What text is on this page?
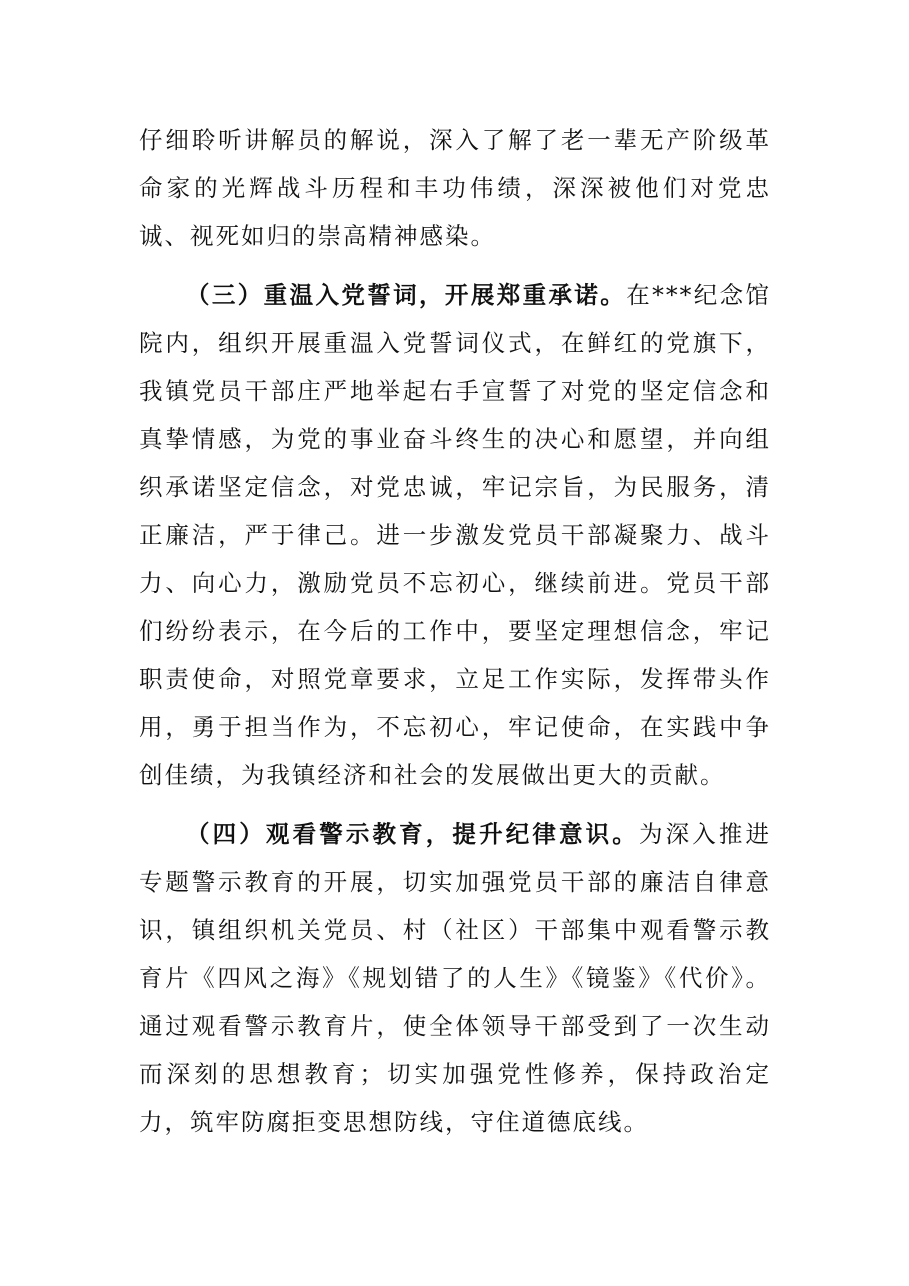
仔细聆听讲解员的解说，深入了解了老一辈无产阶级革命家的光辉战斗历程和丰功伟绩，深深被他们对党忠诚、视死如归的崇高精神感染。

（三）重温入党誓词，开展郑重承诺。在***纪念馆院内，组织开展重温入党誓词仪式，在鲜红的党旗下，我镇党员干部庄严地举起右手宣誓了对党的坚定信念和真挚情感，为党的事业奋斗终生的决心和愿望，并向组织承诺坚定信念，对党忠诚，牢记宗旨，为民服务，清正廉洁，严于律己。进一步激发党员干部凝聚力、战斗力、向心力，激励党员不忘初心，继续前进。党员干部们纷纷表示，在今后的工作中，要坚定理想信念，牢记职责使命，对照党章要求，立足工作实际，发挥带头作用，勇于担当作为，不忘初心，牢记使命，在实践中争创佳绩，为我镇经济和社会的发展做出更大的贡献。

（四）观看警示教育，提升纪律意识。为深入推进专题警示教育的开展，切实加强党员干部的廉洁自律意识，镇组织机关党员、村（社区）干部集中观看警示教育片《四风之海》《规划错了的人生》《镜鉴》《代价》。通过观看警示教育片，使全体领导干部受到了一次生动而深刻的思想教育；切实加强党性修养，保持政治定力，筑牢防腐拒变思想防线，守住道德底线。
